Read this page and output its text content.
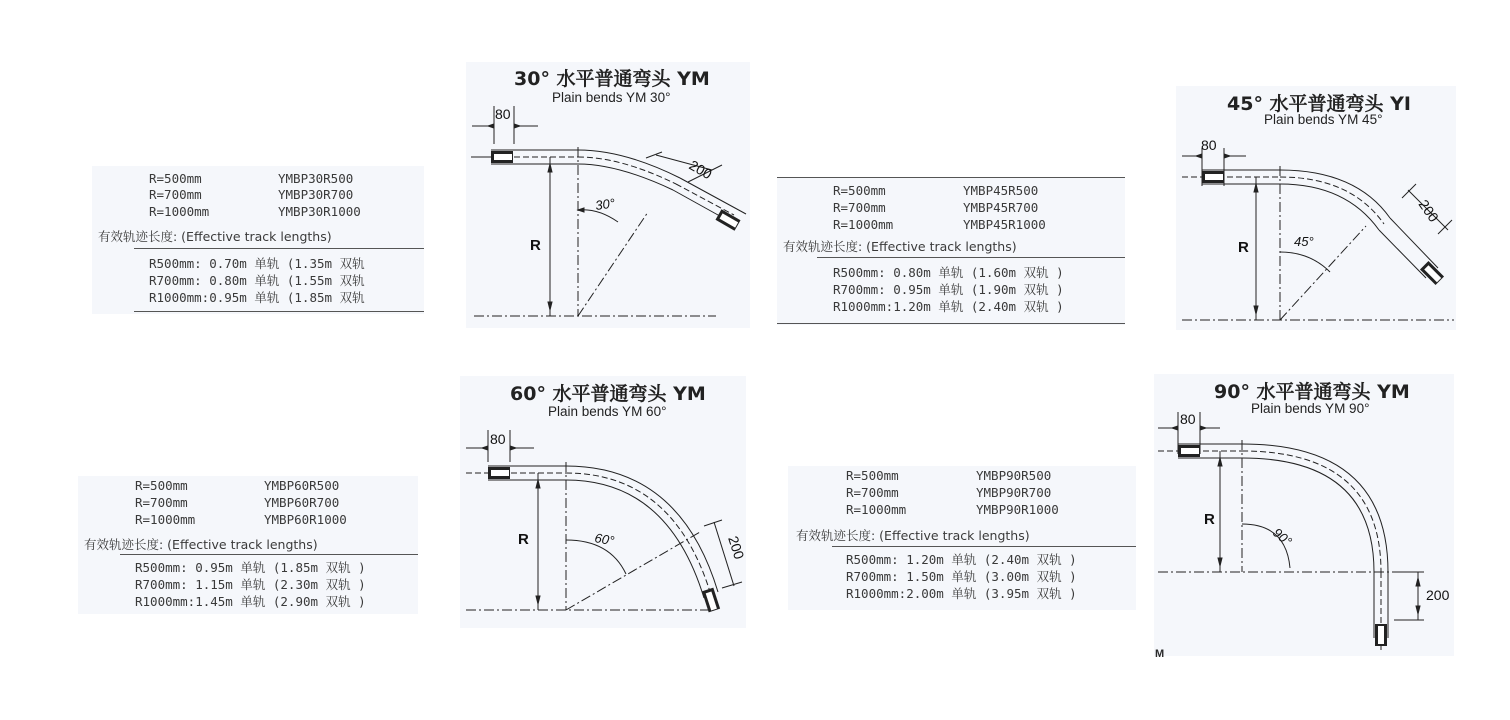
R=500mm	YMBP30R500
R=700mm	YMBP30R700
R=1000mm	YMBP30R1000
有效轨迹长度: (Effective track lengths)
R500mm: 0.70m 单轨 (1.35m 双轨
R700mm: 0.80m 单轨 (1.55m 双轨
R1000mm:0.95m 单轨 (1.85m 双轨
30° 水平普通弯头 YM
Plain bends YM 30°
80
200
30°
R
R=500mm	YMBP45R500
R=700mm	YMBP45R700
R=1000mm	YMBP45R1000
有效轨迹长度: (Effective track lengths)
R500mm: 0.80m 单轨 (1.60m 双轨 )
R700mm: 0.95m 单轨 (1.90m 双轨 )
R1000mm:1.20m 单轨 (2.40m 双轨 )
45° 水平普通弯头 YI
Plain bends YM 45°
80
200
45°
R
R=500mm	YMBP60R500
R=700mm	YMBP60R700
R=1000mm	YMBP60R1000
有效轨迹长度: (Effective track lengths)
R500mm: 0.95m 单轨 (1.85m 双轨 )
R700mm: 1.15m 单轨 (2.30m 双轨 )
R1000mm:1.45m 单轨 (2.90m 双轨 )
60° 水平普通弯头 YM
Plain bends YM 60°
80
200
60°
R
R=500mm	YMBP90R500
R=700mm	YMBP90R700
R=1000mm	YMBP90R1000
有效轨迹长度: (Effective track lengths)
R500mm: 1.20m 单轨 (2.40m 双轨 )
R700mm: 1.50m 单轨 (3.00m 双轨 )
R1000mm:2.00m 单轨 (3.95m 双轨 )
90° 水平普通弯头 YM
Plain bends YM 90°
80
200
90°
R
M
